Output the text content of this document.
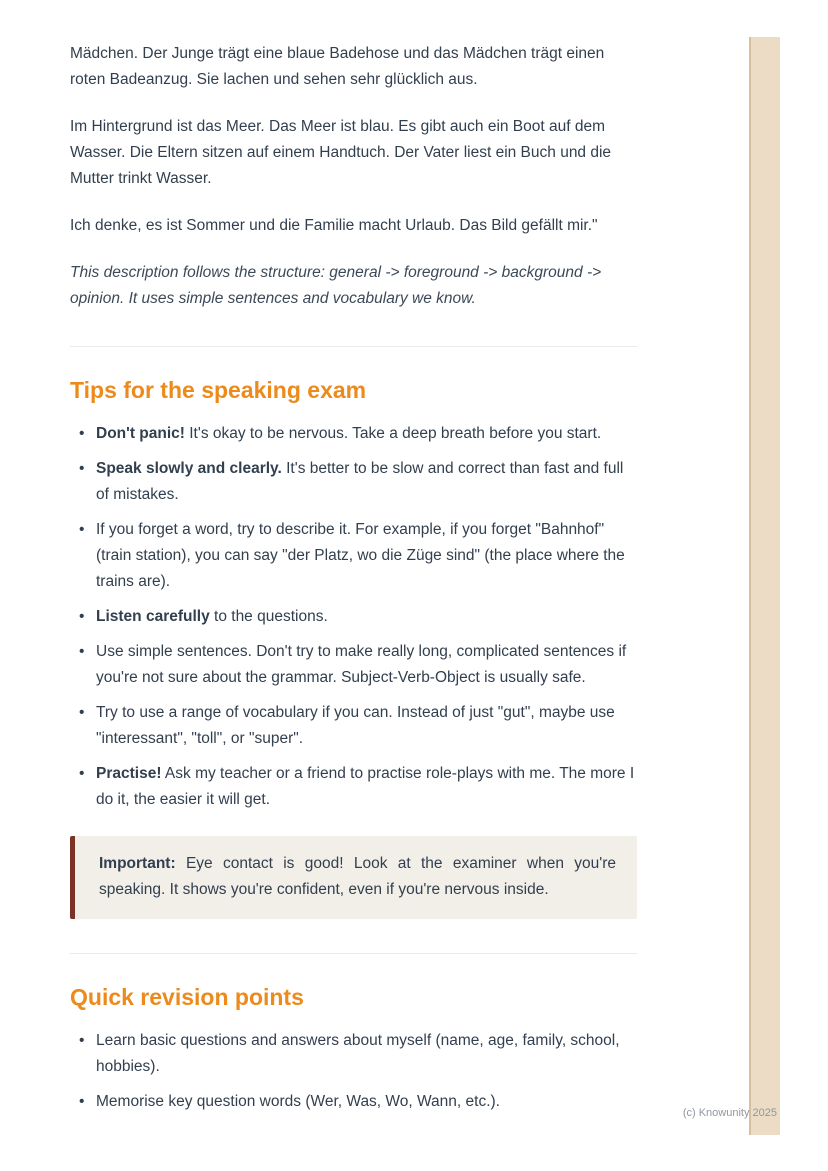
Mädchen. Der Junge trägt eine blaue Badehose und das Mädchen trägt einen roten Badeanzug. Sie lachen und sehen sehr glücklich aus.

Im Hintergrund ist das Meer. Das Meer ist blau. Es gibt auch ein Boot auf dem Wasser. Die Eltern sitzen auf einem Handtuch. Der Vater liest ein Buch und die Mutter trinkt Wasser.

Ich denke, es ist Sommer und die Familie macht Urlaub. Das Bild gefällt mir."

This description follows the structure: general -> foreground -> background -> opinion. It uses simple sentences and vocabulary we know.

Tips for the speaking exam
• Don't panic! It's okay to be nervous. Take a deep breath before you start.
• Speak slowly and clearly. It's better to be slow and correct than fast and full of mistakes.
• If you forget a word, try to describe it. For example, if you forget "Bahnhof" (train station), you can say "der Platz, wo die Züge sind" (the place where the trains are).
• Listen carefully to the questions.
• Use simple sentences. Don't try to make really long, complicated sentences if you're not sure about the grammar. Subject-Verb-Object is usually safe.
• Try to use a range of vocabulary if you can. Instead of just "gut", maybe use "interessant", "toll", or "super".
• Practise! Ask my teacher or a friend to practise role-plays with me. The more I do it, the easier it will get.
Important: Eye contact is good! Look at the examiner when you're speaking. It shows you're confident, even if you're nervous inside.
Quick revision points
• Learn basic questions and answers about myself (name, age, family, school, hobbies).
• Memorise key question words (Wer, Was, Wo, Wann, etc.).
(c) Knowunity 2025
